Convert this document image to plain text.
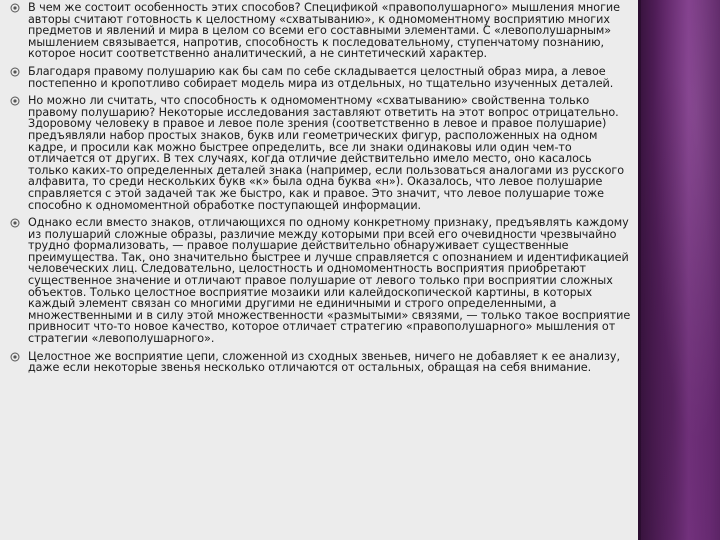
В чем же состоит особенность этих способов? Спецификой «правополушарного» мышления многие авторы считают готовность к целостному «схватыванию», к одномоментному восприятию многих предметов и явлений и мира в целом со всеми его составными элементами. С «левополушарным» мышлением связывается, напротив, способность к последовательному, ступенчатому познанию, которое носит соответственно аналитический, а не синтетический характер.
Благодаря правому полушарию как бы сам по себе складывается целостный образ мира, а левое постепенно и кропотливо собирает модель мира из отдельных, но тщательно изученных деталей.
Но можно ли считать, что способность к одномоментному «схватыванию» свойственна только правому полушарию? Некоторые исследования заставляют ответить на этот вопрос отрицательно. Здоровому человеку в правое и левое поле зрения (соответственно в левое и правое полушарие) предъявляли набор простых знаков, букв или геометрических фигур, расположенных на одном кадре, и просили как можно быстрее определить, все ли знаки одинаковы или один чем-то отличается от других. В тех случаях, когда отличие действительно имело место, оно касалось только каких-то определенных деталей знака (например, если пользоваться аналогами из русского алфавита, то среди нескольких букв «к» была одна буква «н»). Оказалось, что левое полушарие справляется с этой задачей так же быстро, как и правое. Это значит, что левое полушарие тоже способно к одномоментной обработке поступающей информации.
Однако если вместо знаков, отличающихся по одному конкретному признаку, предъявлять каждому из полушарий сложные образы, различие между которыми при всей его очевидности чрезвычайно трудно формализовать, — правое полушарие действительно обнаруживает существенные преимущества. Так, оно значительно быстрее и лучше справляется с опознанием и идентификацией человеческих лиц. Следовательно, целостность и одномоментность восприятия приобретают существенное значение и отличают правое полушарие от левого только при восприятии сложных объектов. Только целостное восприятие мозаики или калейдоскопической картины, в которых каждый элемент связан со многими другими не единичными и строго определенными, а множественными и в силу этой множественности «размытыми» связями, — только такое восприятие привносит что-то новое качество, которое отличает стратегию «правополушарного» мышления от стратегии «левополушарного».
Целостное же восприятие цепи, сложенной из сходных звеньев, ничего не добавляет к ее анализу, даже если некоторые звенья несколько отличаются от остальных, обращая на себя внимание.
